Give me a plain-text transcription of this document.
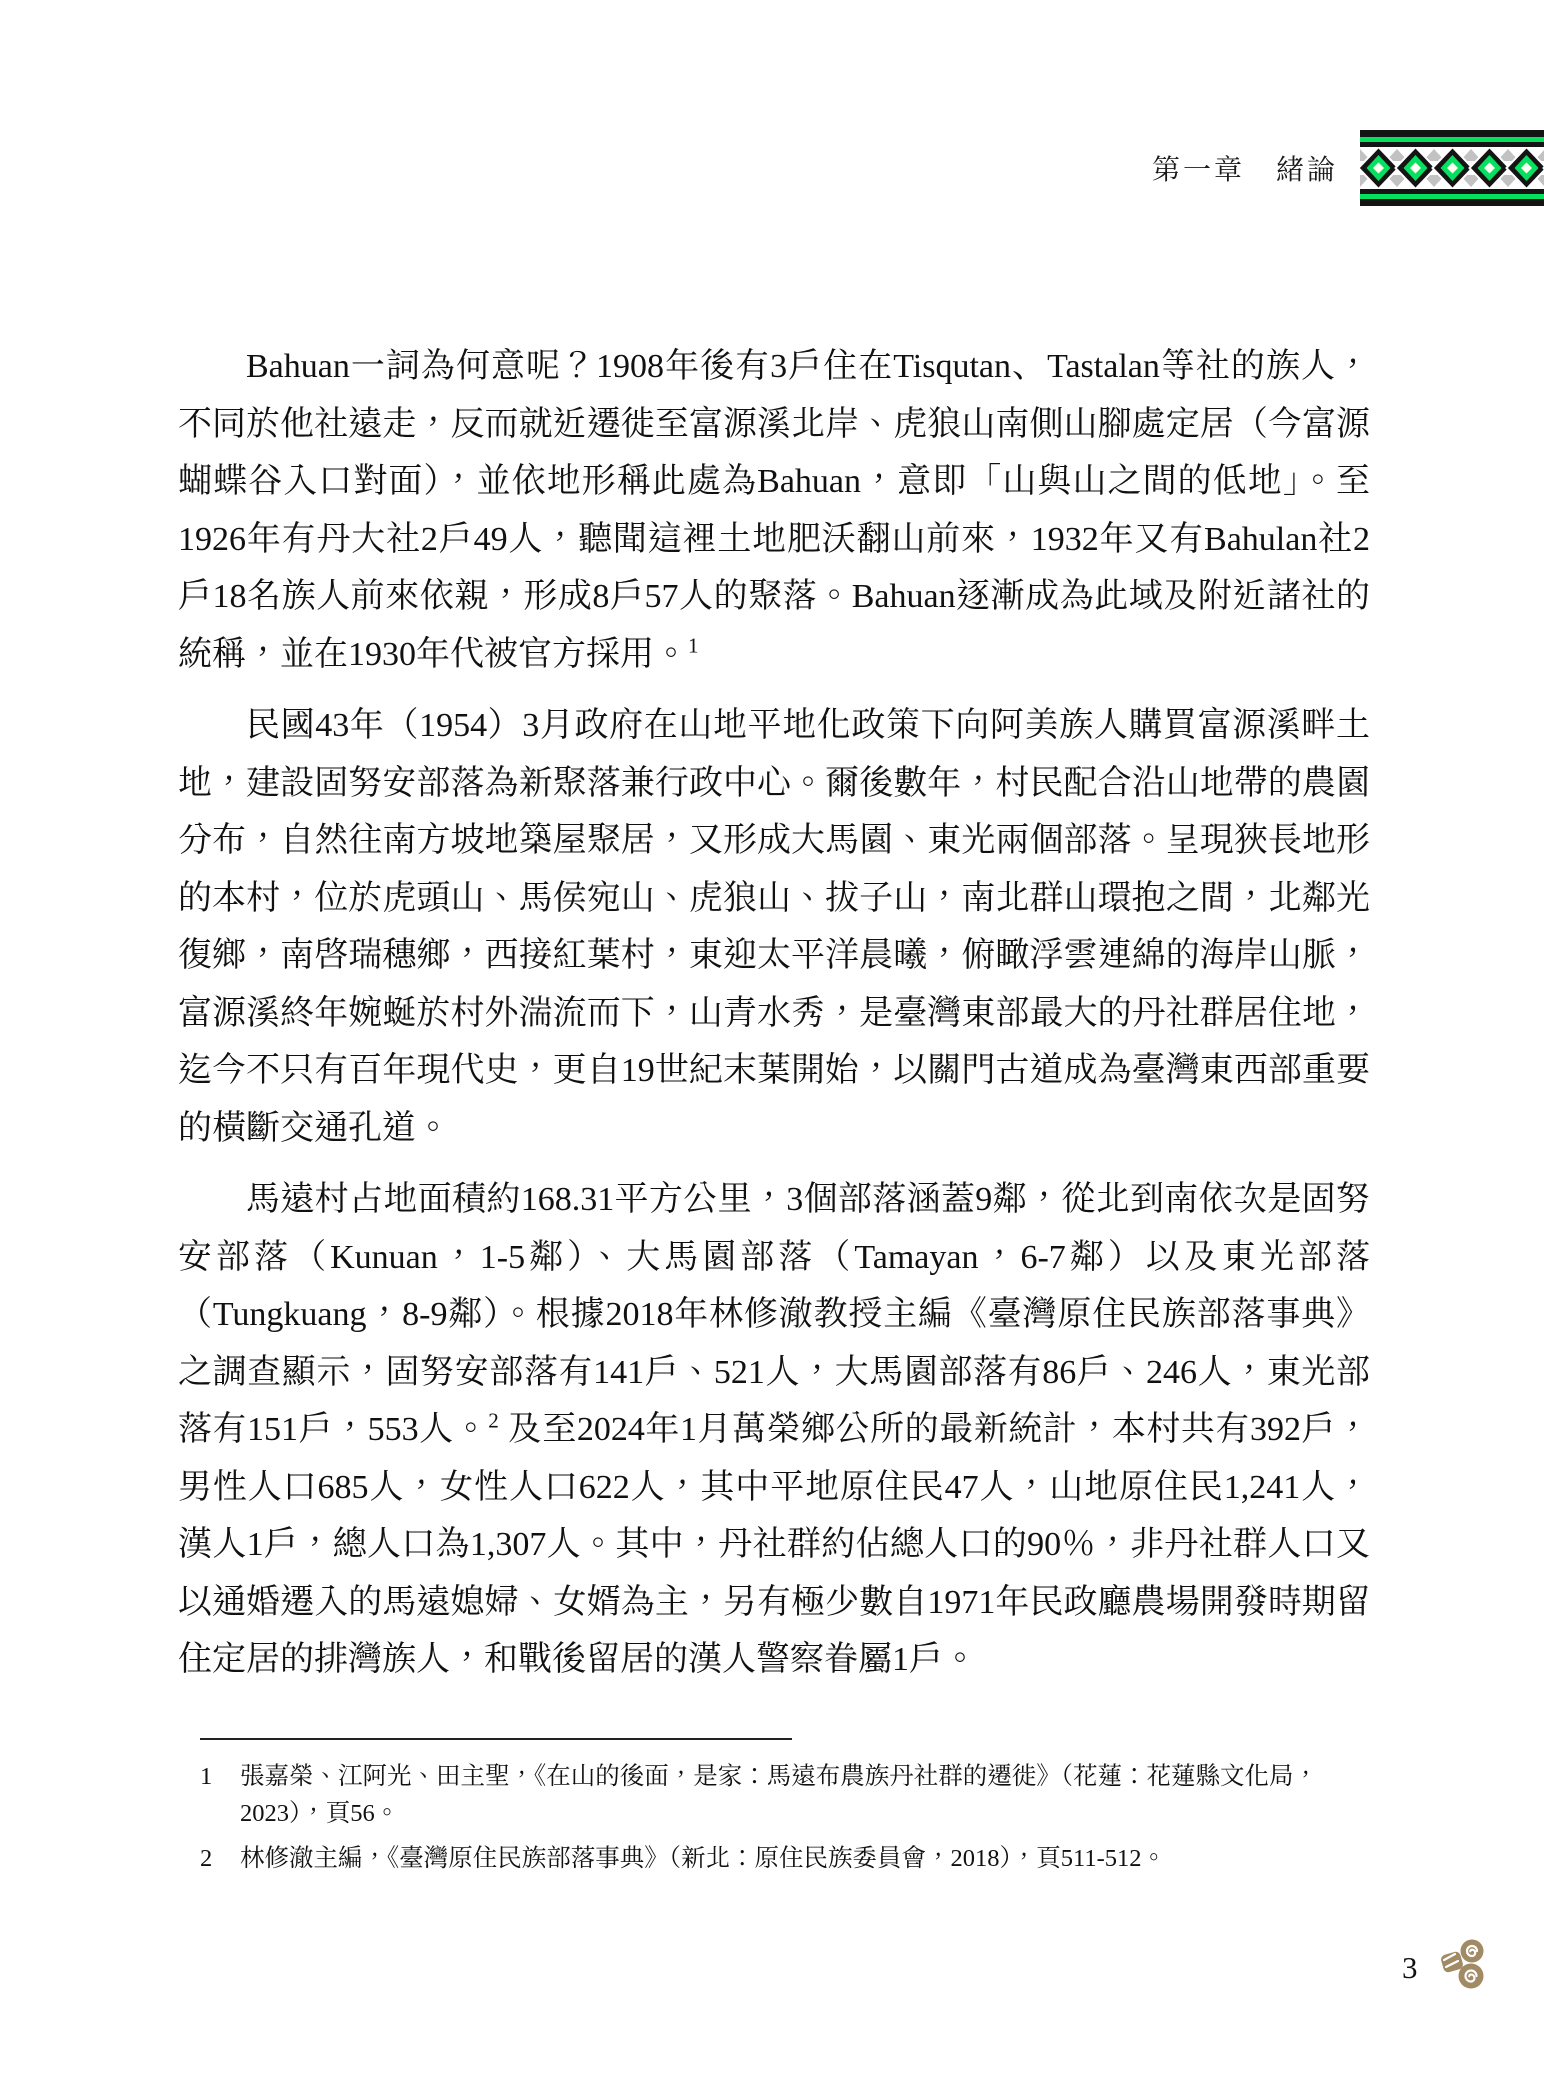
第一章　緒論

Bahuan一詞為何意呢？1908年後有3戶住在Tisqutan、Tastalan等社的族人，不同於他社遠走，反而就近遷徙至富源溪北岸、虎狼山南側山腳處定居（今富源蝴蝶谷入口對面），並依地形稱此處為Bahuan，意即「山與山之間的低地」。至1926年有丹大社2戶49人，聽聞這裡土地肥沃翻山前來，1932年又有Bahulan社2戶18名族人前來依親，形成8戶57人的聚落。Bahuan逐漸成為此域及附近諸社的統稱，並在1930年代被官方採用。$^1$

民國43年（1954）3月政府在山地平地化政策下向阿美族人購買富源溪畔土地，建設固努安部落為新聚落兼行政中心。爾後數年，村民配合沿山地帶的農園分布，自然往南方坡地築屋聚居，又形成大馬園、東光兩個部落。呈現狹長地形的本村，位於虎頭山、馬侯宛山、虎狼山、拔子山，南北群山環抱之間，北鄰光復鄉，南啓瑞穗鄉，西接紅葉村，東迎太平洋晨曦，俯瞰浮雲連綿的海岸山脈，富源溪終年婉蜒於村外湍流而下，山青水秀，是臺灣東部最大的丹社群居住地，迄今不只有百年現代史，更自19世紀末葉開始，以關門古道成為臺灣東西部重要的橫斷交通孔道。

馬遠村占地面積約168.31平方公里，3個部落涵蓋9鄰，從北到南依次是固努安部落（Kunuan，1-5鄰）、大馬園部落（Tamayan，6-7鄰）以及東光部落（Tungkuang，8-9鄰）。根據2018年林修澈教授主編《臺灣原住民族部落事典》之調查顯示，固努安部落有141戶、521人，大馬園部落有86戶、246人，東光部落有151戶，553人。$^2$ 及至2024年1月萬榮鄉公所的最新統計，本村共有392戶，男性人口685人，女性人口622人，其中平地原住民47人，山地原住民1,241人，漢人1戶，總人口為1,307人。其中，丹社群約佔總人口的90％，非丹社群人口又以通婚遷入的馬遠媳婦、女婿為主，另有極少數自1971年民政廳農場開發時期留住定居的排灣族人，和戰後留居的漢人警察眷屬1戶。

1	張嘉榮、江阿光、田主聖，《在山的後面，是家：馬遠布農族丹社群的遷徙》（花蓮：花蓮縣文化局，2023），頁56。
2	林修澈主編，《臺灣原住民族部落事典》（新北：原住民族委員會，2018），頁511-512。
3
